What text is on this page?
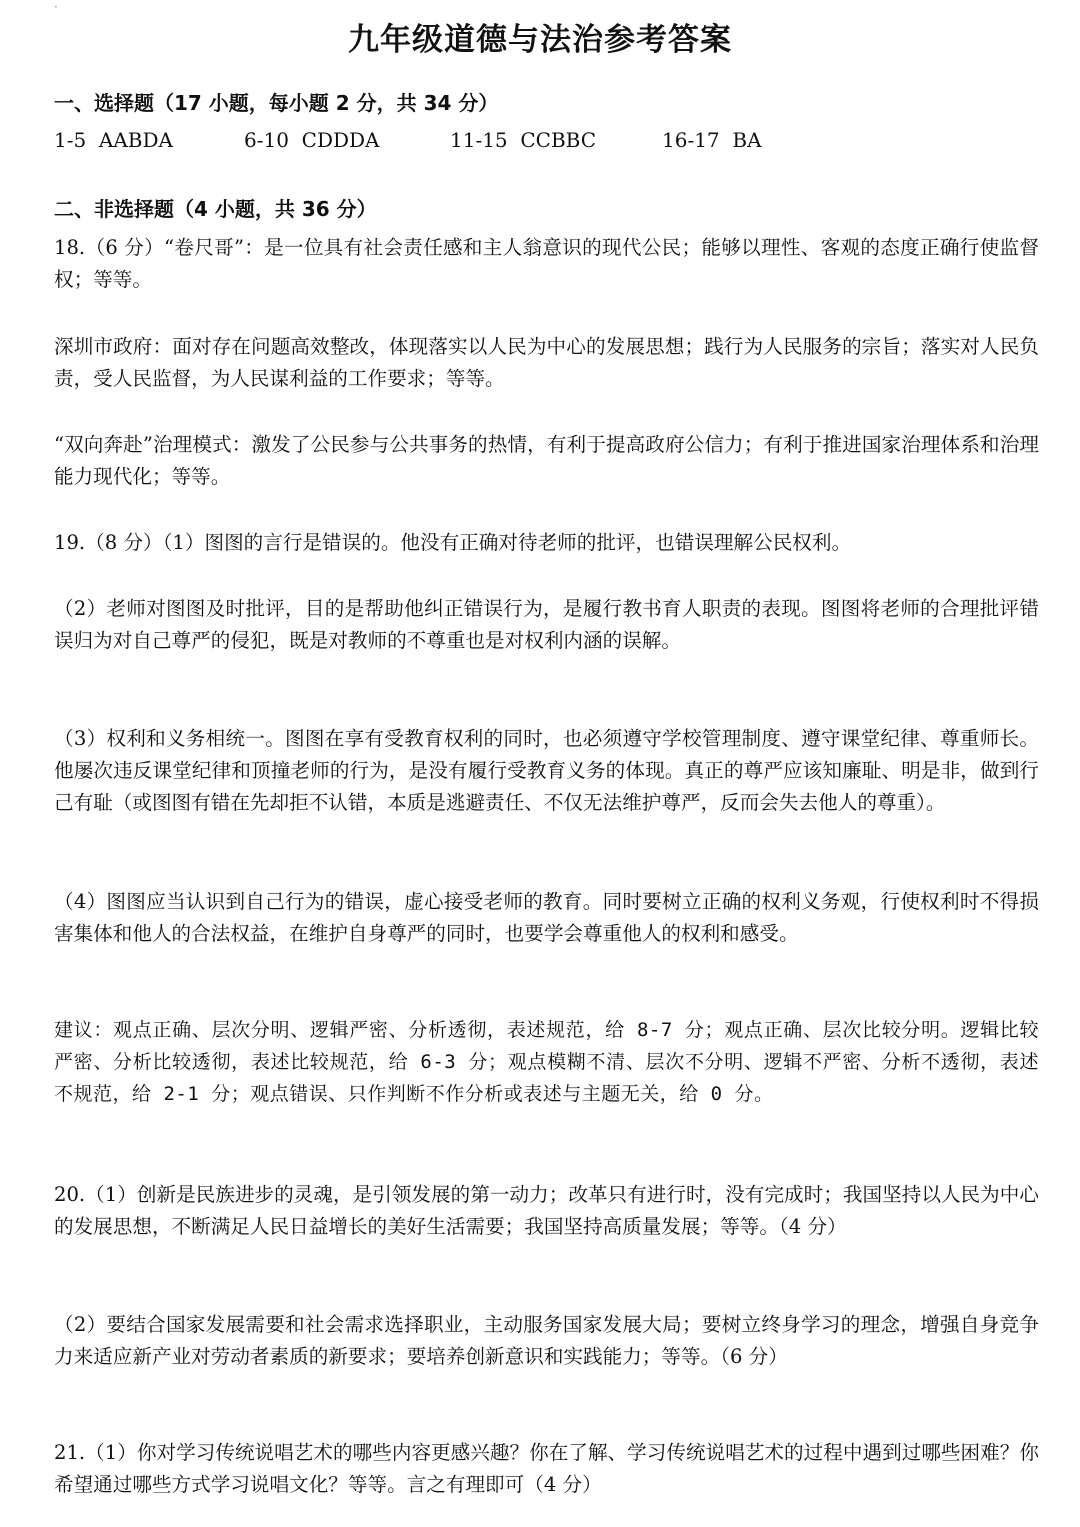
·
九年级道德与法治参考答案
一、选择题（17 小题，每小题 2 分，共 34 分）
1-5  AABDA	6-10  CDDDA	11-15  CCBBC	16-17  BA
二、非选择题（4 小题，共 36 分）

18.（6 分）“卷尺哥”：是一位具有社会责任感和主人翁意识的现代公民；能够以理性、客观的态度正确行使监督权；等等。

深圳市政府：面对存在问题高效整改，体现落实以人民为中心的发展思想；践行为人民服务的宗旨；落实对人民负责，受人民监督，为人民谋利益的工作要求；等等。

“双向奔赴”治理模式：激发了公民参与公共事务的热情，有利于提高政府公信力；有利于推进国家治理体系和治理能力现代化；等等。

19.（8 分）（1）图图的言行是错误的。他没有正确对待老师的批评，也错误理解公民权利。

（2）老师对图图及时批评，目的是帮助他纠正错误行为，是履行教书育人职责的表现。图图将老师的合理批评错误归为对自己尊严的侵犯，既是对教师的不尊重也是对权利内涵的误解。

（3）权利和义务相统一。图图在享有受教育权利的同时，也必须遵守学校管理制度、遵守课堂纪律、尊重师长。他屡次违反课堂纪律和顶撞老师的行为，是没有履行受教育义务的体现。真正的尊严应该知廉耻、明是非，做到行己有耻（或图图有错在先却拒不认错，本质是逃避责任、不仅无法维护尊严，反而会失去他人的尊重）。

（4）图图应当认识到自己行为的错误，虚心接受老师的教育。同时要树立正确的权利义务观，行使权利时不得损害集体和他人的合法权益，在维护自身尊严的同时，也要学会尊重他人的权利和感受。

建议：观点正确、层次分明、逻辑严密、分析透彻，表述规范，给 8-7 分；观点正确、层次比较分明。逻辑比较严密、分析比较透彻，表述比较规范，给 6-3 分；观点模糊不清、层次不分明、逻辑不严密、分析不透彻，表述不规范，给 2-1 分；观点错误、只作判断不作分析或表述与主题无关，给 0 分。

20.（1）创新是民族进步的灵魂，是引领发展的第一动力；改革只有进行时，没有完成时；我国坚持以人民为中心的发展思想，不断满足人民日益增长的美好生活需要；我国坚持高质量发展；等等。（4 分）

（2）要结合国家发展需要和社会需求选择职业，主动服务国家发展大局；要树立终身学习的理念，增强自身竞争力来适应新产业对劳动者素质的新要求；要培养创新意识和实践能力；等等。（6 分）

21.（1）你对学习传统说唱艺术的哪些内容更感兴趣？你在了解、学习传统说唱艺术的过程中遇到过哪些困难？你希望通过哪些方式学习说唱文化？等等。言之有理即可（4 分）
